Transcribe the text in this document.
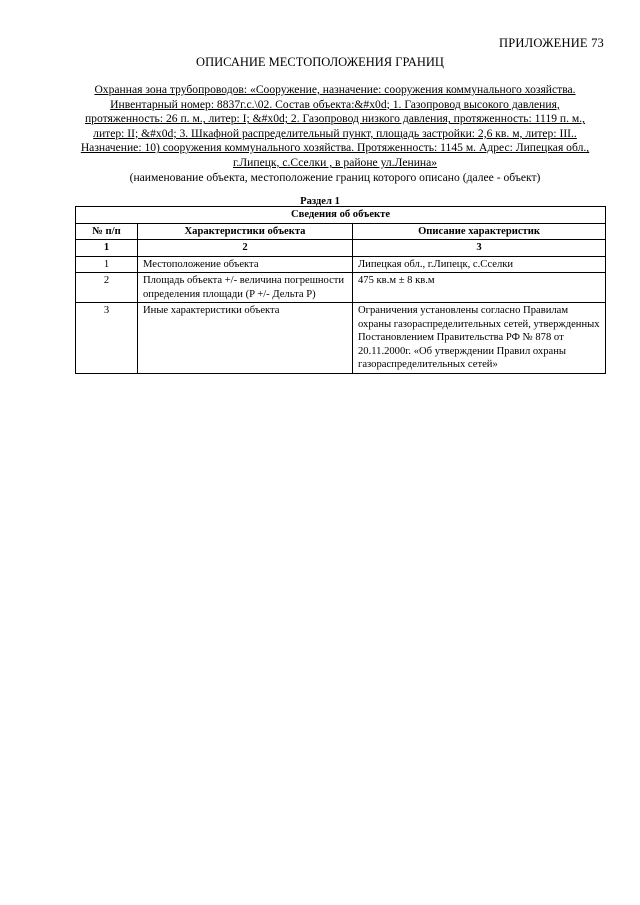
ПРИЛОЖЕНИЕ 73
ОПИСАНИЕ МЕСТОПОЛОЖЕНИЯ ГРАНИЦ
Охранная зона трубопроводов: «Сооружение, назначение: сооружения коммунального хозяйства. Инвентарный номер: 8837г.с.\02. Состав объекта:&#x0d; 1. Газопровод высокого давления, протяженность: 26 п. м., литер: I; &#x0d; 2. Газопровод низкого давления, протяженность: 1119 п. м., литер: II; &#x0d; 3. Шкафной распределительный пункт, площадь застройки: 2,6 кв. м, литер: III.. Назначение: 10) сооружения коммунального хозяйства. Протяженность: 1145 м. Адрес: Липецкая обл., г.Липецк, с.Сселки , в районе ул.Ленина»
(наименование объекта, местоположение границ которого описано (далее - объект)
Раздел 1
Сведения об объекте		
№ п/п	Характеристики объекта	Описание характеристик
1	2	3
1	Местоположение объекта	Липецкая обл., г.Липецк, с.Сселки
2	Площадь объекта +/- величина погрешности определения площади (P +/- Дельта P)	475 кв.м ± 8 кв.м
3	Иные характеристики объекта	Ограничения установлены согласно Правилам охраны газораспределительных сетей, утвержденных Постановлением Правительства РФ № 878 от 20.11.2000г. «Об утверждении Правил охраны газораспределительных сетей»
